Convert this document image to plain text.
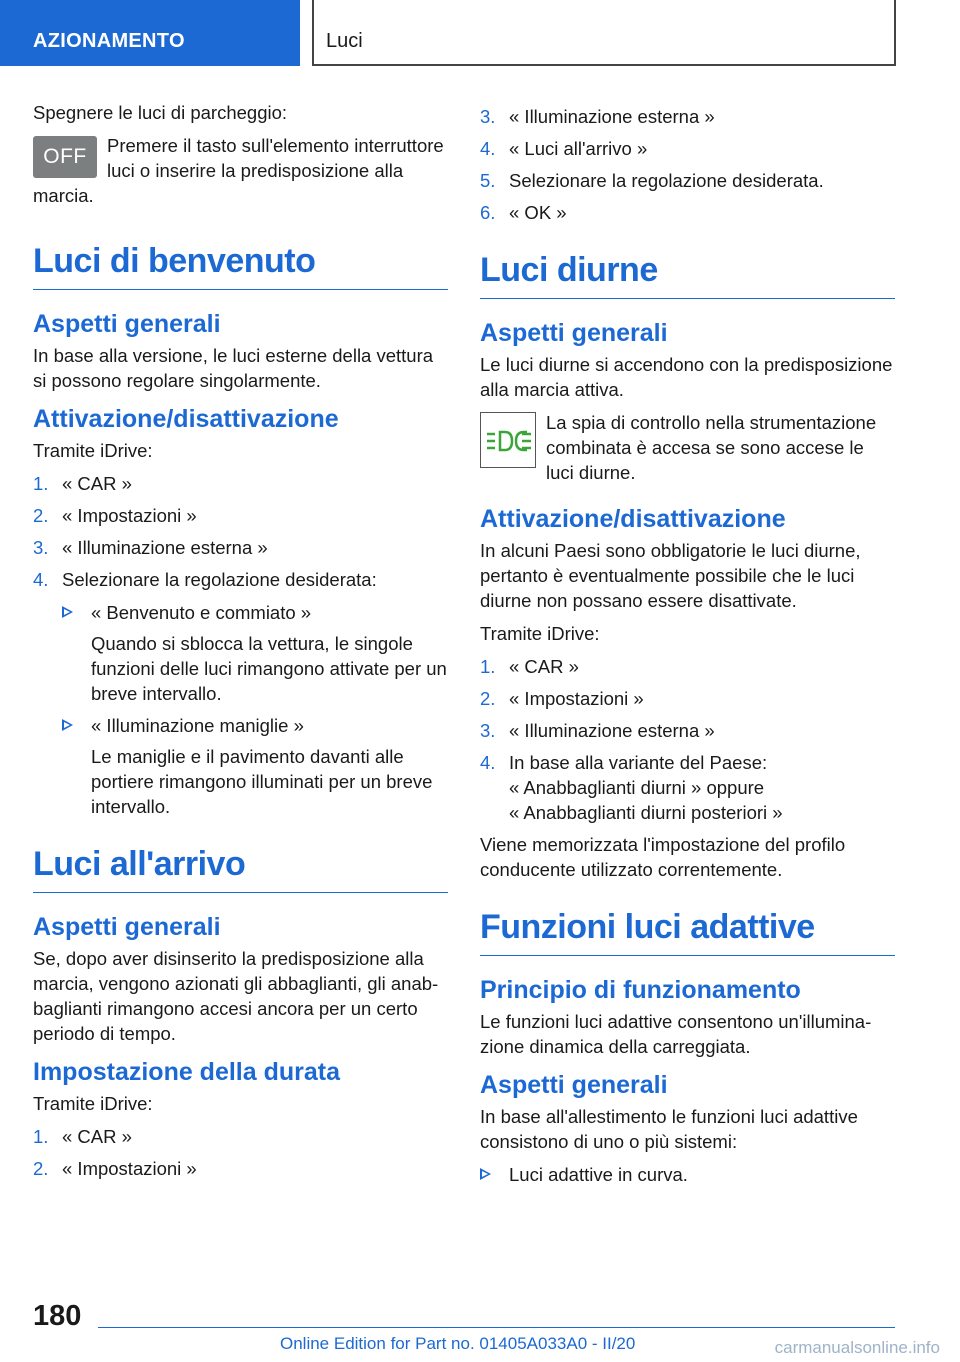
AZIONAMENTO	Luci

Spegnere le luci di parcheggio:

OFF	Premere il tasto sull'elemento interruttore luci o inserire la predisposizione alla marcia.

Luci di benvenuto
Aspetti generali

In base alla versione, le luci esterne della vettura si possono regolare singolarmente.

Attivazione/disattivazione

Tramite iDrive:

1. « CAR »
2. « Impostazioni »
3. « Illuminazione esterna »
4. Selezionare la regolazione desiderata:
« Benvenuto e commiato »
Quando si sblocca la vettura, le singole funzioni delle luci rimangono attivate per un breve intervallo.
« Illuminazione maniglie »
Le maniglie e il pavimento davanti alle portiere rimangono illuminati per un breve intervallo.
Luci all'arrivo
Aspetti generali

Se, dopo aver disinserito la predisposizione alla marcia, vengono azionati gli abbaglianti, gli anabbaglianti rimangono accesi ancora per un certo periodo di tempo.

Impostazione della durata

Tramite iDrive:

1. « CAR »
2. « Impostazioni »
3. « Illuminazione esterna »
4. « Luci all'arrivo »
5. Selezionare la regolazione desiderata.
6. « OK »
Luci diurne
Aspetti generali

Le luci diurne si accendono con la predisposizione alla marcia attiva.

La spia di controllo nella strumentazione combinata è accesa se sono accese le luci diurne.

Attivazione/disattivazione

In alcuni Paesi sono obbligatorie le luci diurne, pertanto è eventualmente possibile che le luci diurne non possano essere disattivate.

Tramite iDrive:

1. « CAR »
2. « Impostazioni »
3. « Illuminazione esterna »
4. In base alla variante del Paese:
« Anabbaglianti diurni » oppure
« Anabbaglianti diurni posteriori »

Viene memorizzata l'impostazione del profilo conducente utilizzato correntemente.

Funzioni luci adattive
Principio di funzionamento

Le funzioni luci adattive consentono un'illuminazione dinamica della carreggiata.

Aspetti generali

In base all'allestimento le funzioni luci adattive consistono di uno o più sistemi:

Luci adattive in curva.
180
Online Edition for Part no. 01405A033A0 - II/20	carmanualsonline.info
